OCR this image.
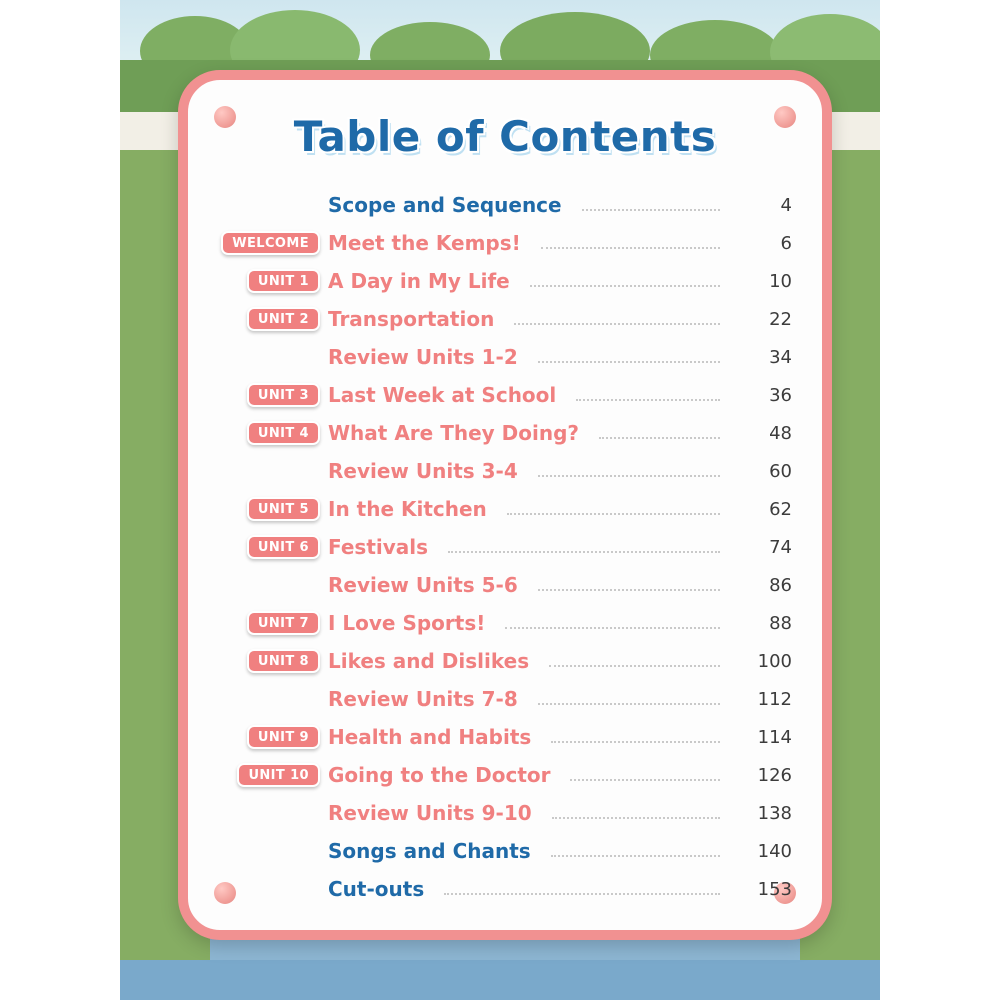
Table of Contents
Scope and Sequence	4
WELCOME Meet the Kemps!	6
UNIT 1 A Day in My Life	10
UNIT 2 Transportation	22
Review Units 1-2	34
UNIT 3 Last Week at School	36
UNIT 4 What Are They Doing?	48
Review Units 3-4	60
UNIT 5 In the Kitchen	62
UNIT 6 Festivals	74
Review Units 5-6	86
UNIT 7 I Love Sports!	88
UNIT 8 Likes and Dislikes	100
Review Units 7-8	112
UNIT 9 Health and Habits	114
UNIT 10 Going to the Doctor	126
Review Units 9-10	138
Songs and Chants	140
Cut-outs	153
